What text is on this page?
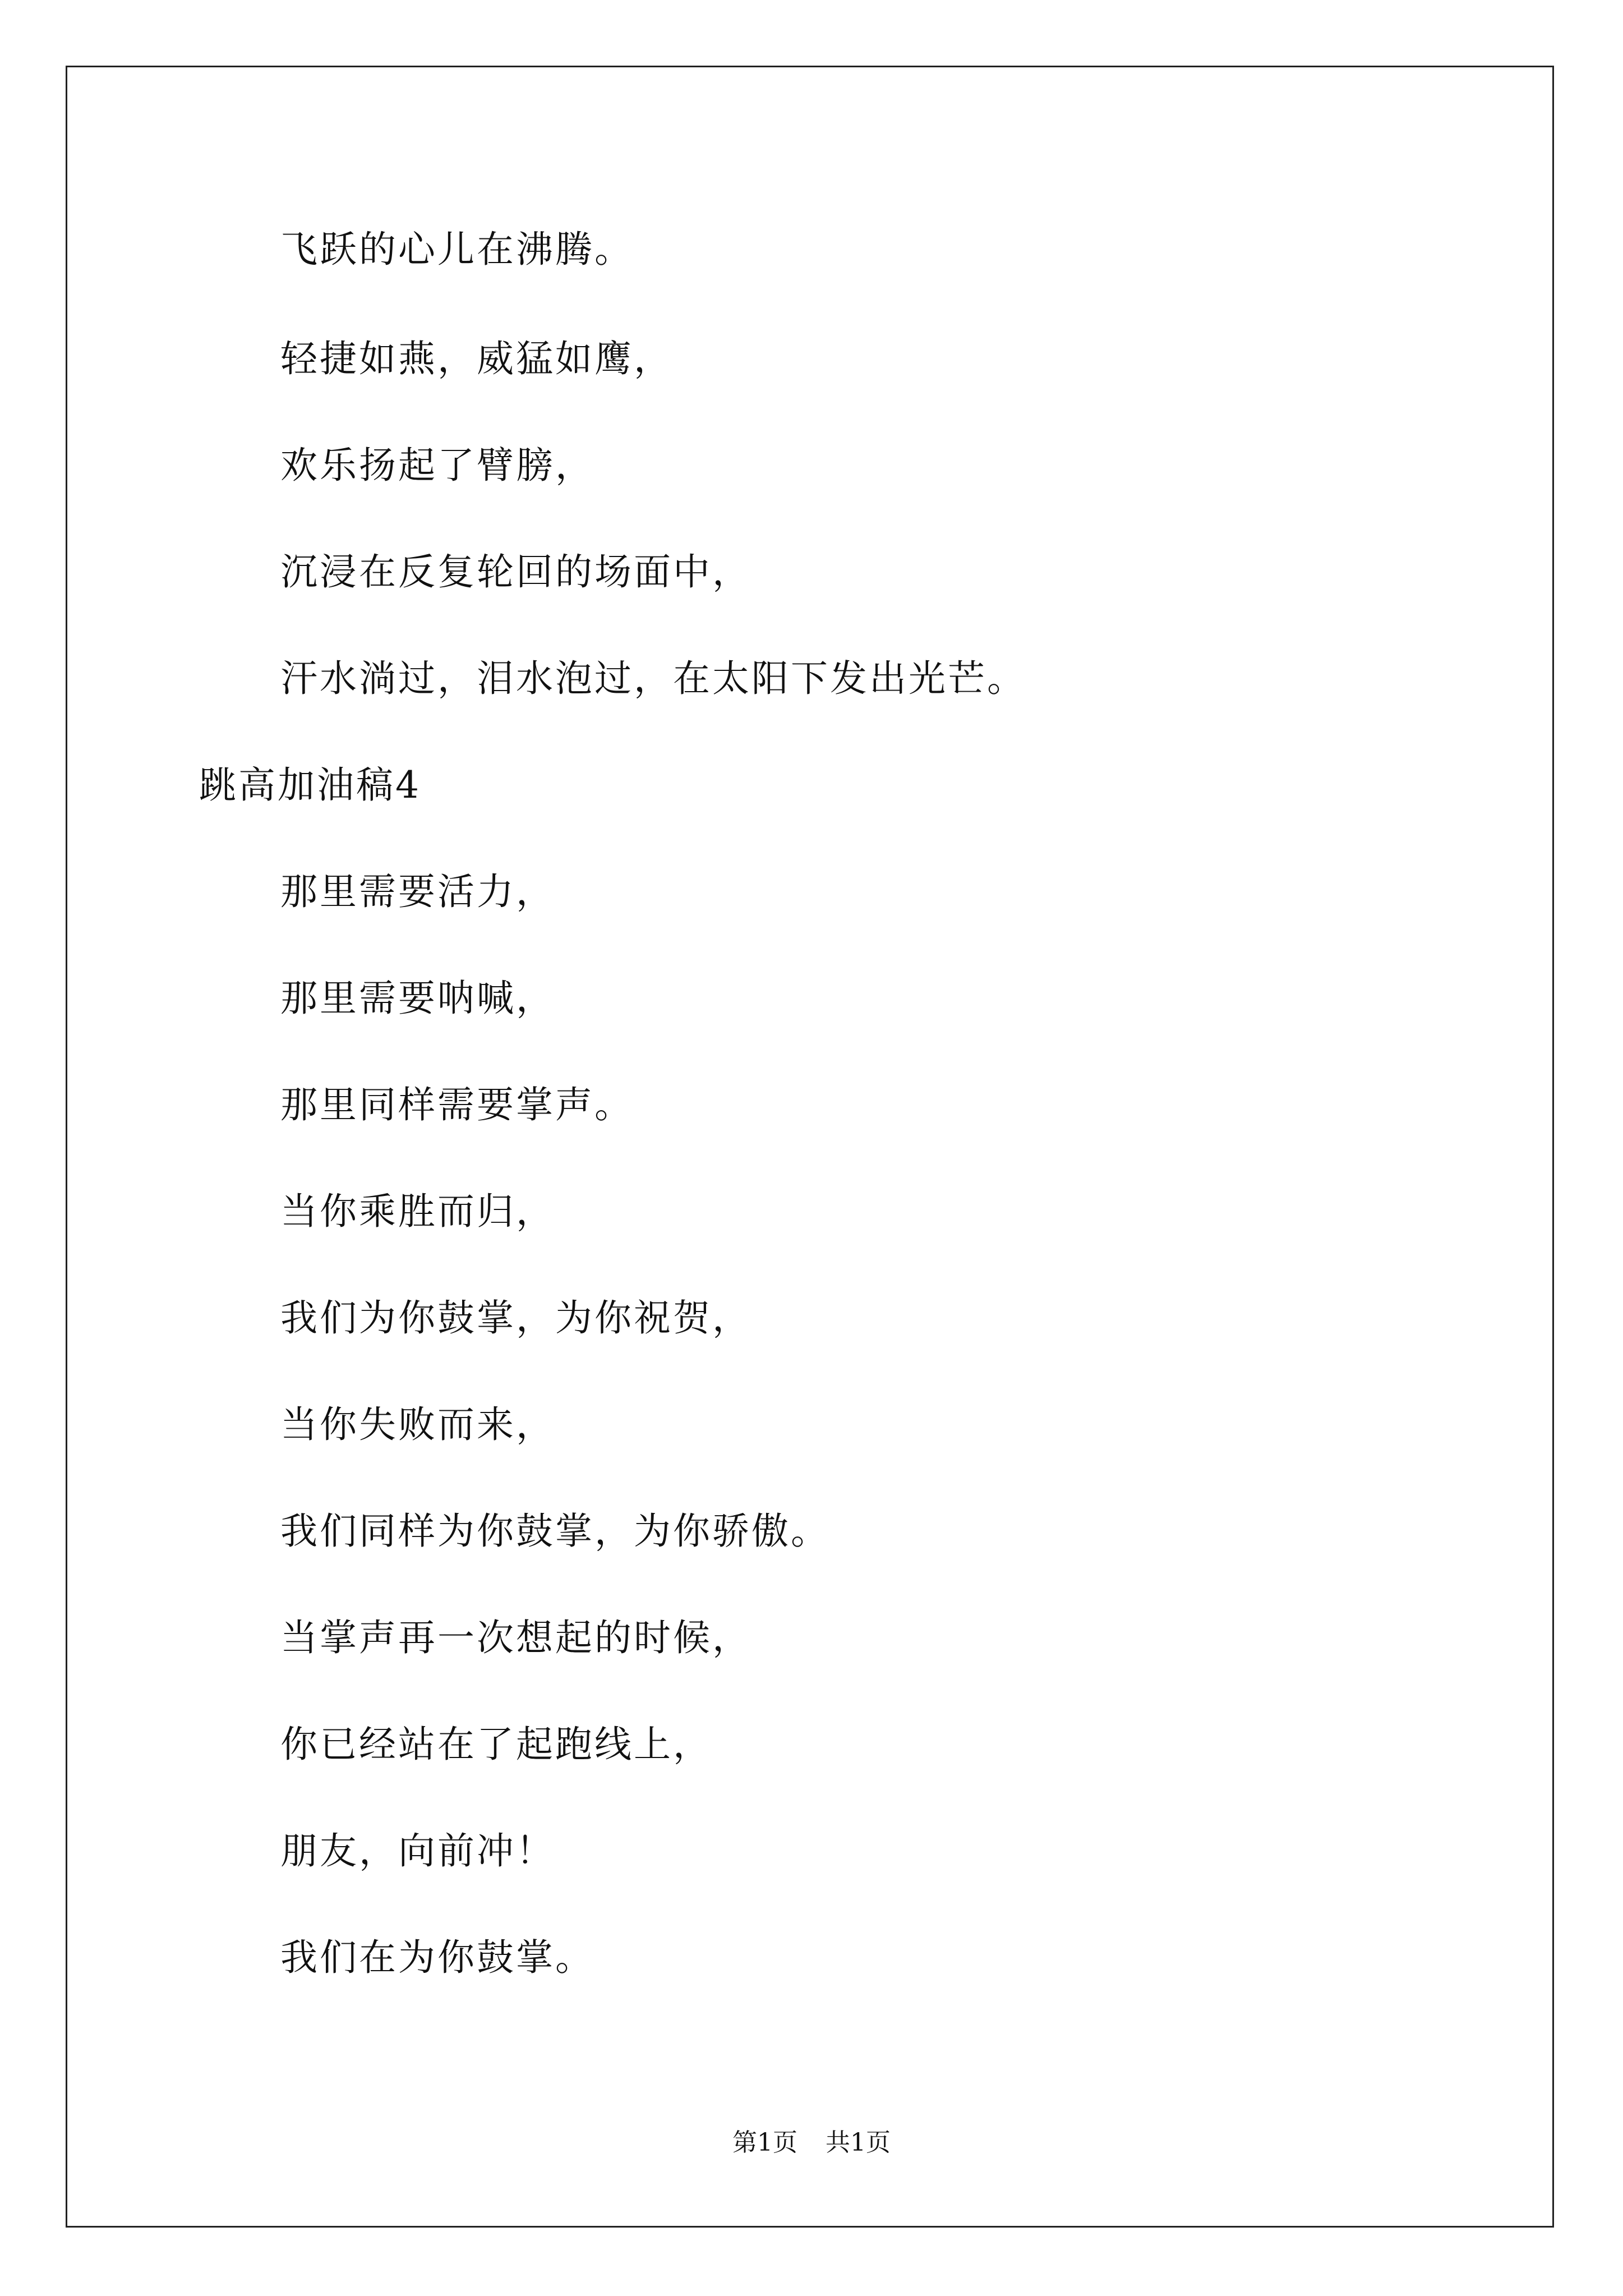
飞跃的心儿在沸腾。
轻捷如燕，威猛如鹰，
欢乐扬起了臂膀，
沉浸在反复轮回的场面中，
汗水淌过，泪水泡过，在太阳下发出光芒。
跳高加油稿4
那里需要活力，
那里需要呐喊，
那里同样需要掌声。
当你乘胜而归，
我们为你鼓掌，为你祝贺，
当你失败而来，
我们同样为你鼓掌，为你骄傲。
当掌声再一次想起的时候，
你已经站在了起跑线上，
朋友，向前冲！
我们在为你鼓掌。
第1页 共1页
